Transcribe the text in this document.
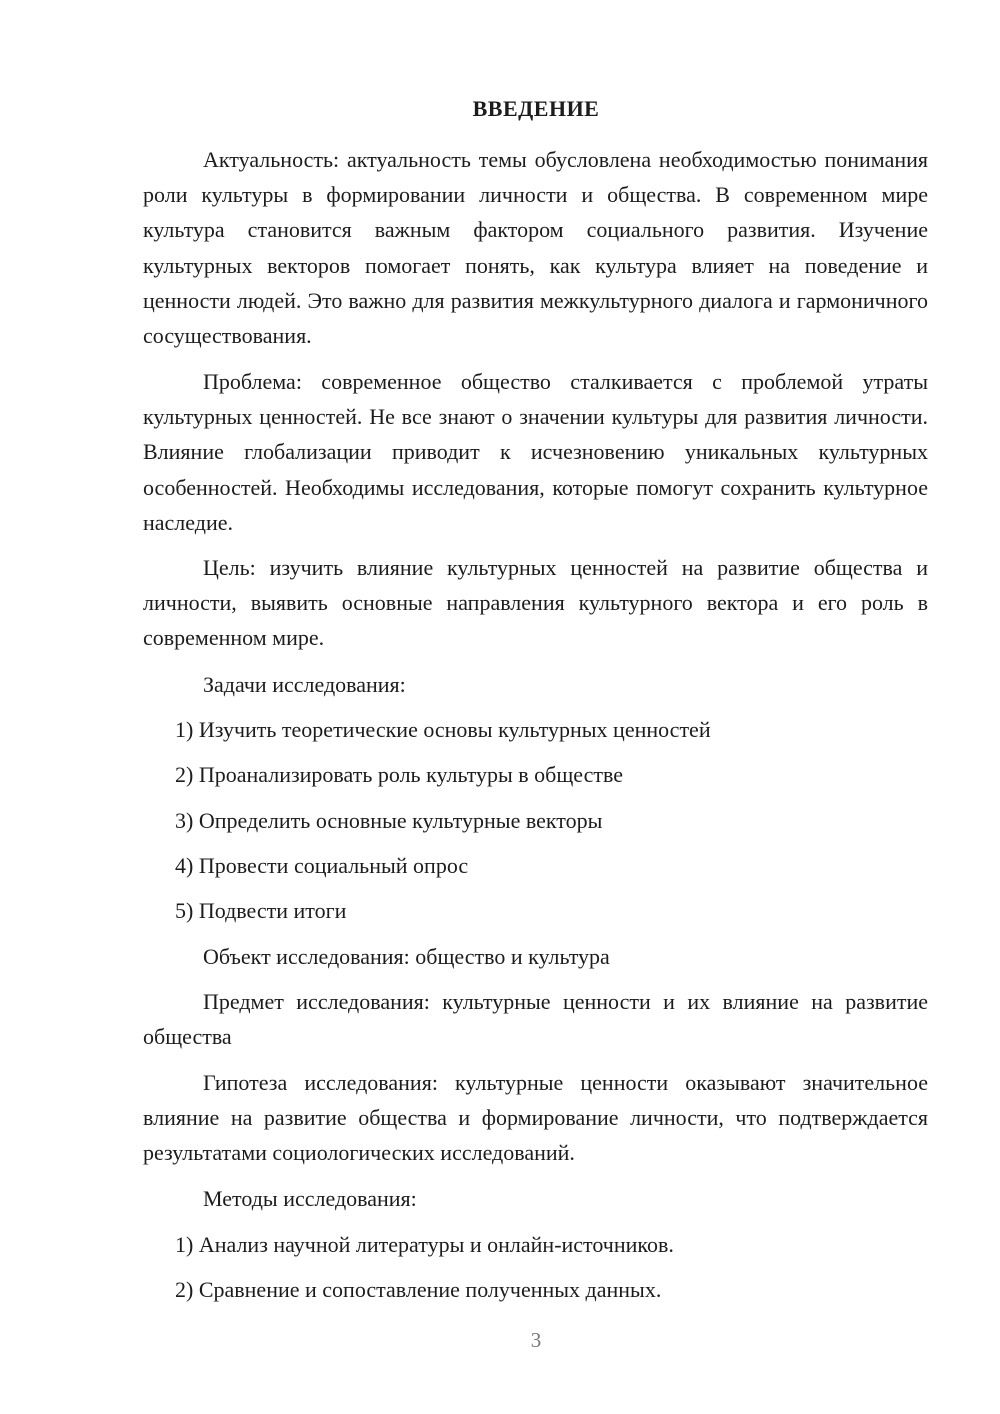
ВВЕДЕНИЕ

Актуальность: актуальность темы обусловлена необходимостью понимания роли культуры в формировании личности и общества. В современном мире культура становится важным фактором социального развития. Изучение культурных векторов помогает понять, как культура влияет на поведение и ценности людей. Это важно для развития межкультурного диалога и гармоничного сосуществования.

Проблема: современное общество сталкивается с проблемой утраты культурных ценностей. Не все знают о значении культуры для развития личности. Влияние глобализации приводит к исчезновению уникальных культурных особенностей. Необходимы исследования, которые помогут сохранить культурное наследие.

Цель: изучить влияние культурных ценностей на развитие общества и личности, выявить основные направления культурного вектора и его роль в современном мире.

Задачи исследования:

1) Изучить теоретические основы культурных ценностей

2) Проанализировать роль культуры в обществе

3) Определить основные культурные векторы

4) Провести социальный опрос

5) Подвести итоги

Объект исследования: общество и культура

Предмет исследования: культурные ценности и их влияние на развитие общества

Гипотеза исследования: культурные ценности оказывают значительное влияние на развитие общества и формирование личности, что подтверждается результатами социологических исследований.

Методы исследования:

1) Анализ научной литературы и онлайн-источников.

2) Сравнение и сопоставление полученных данных.

3
